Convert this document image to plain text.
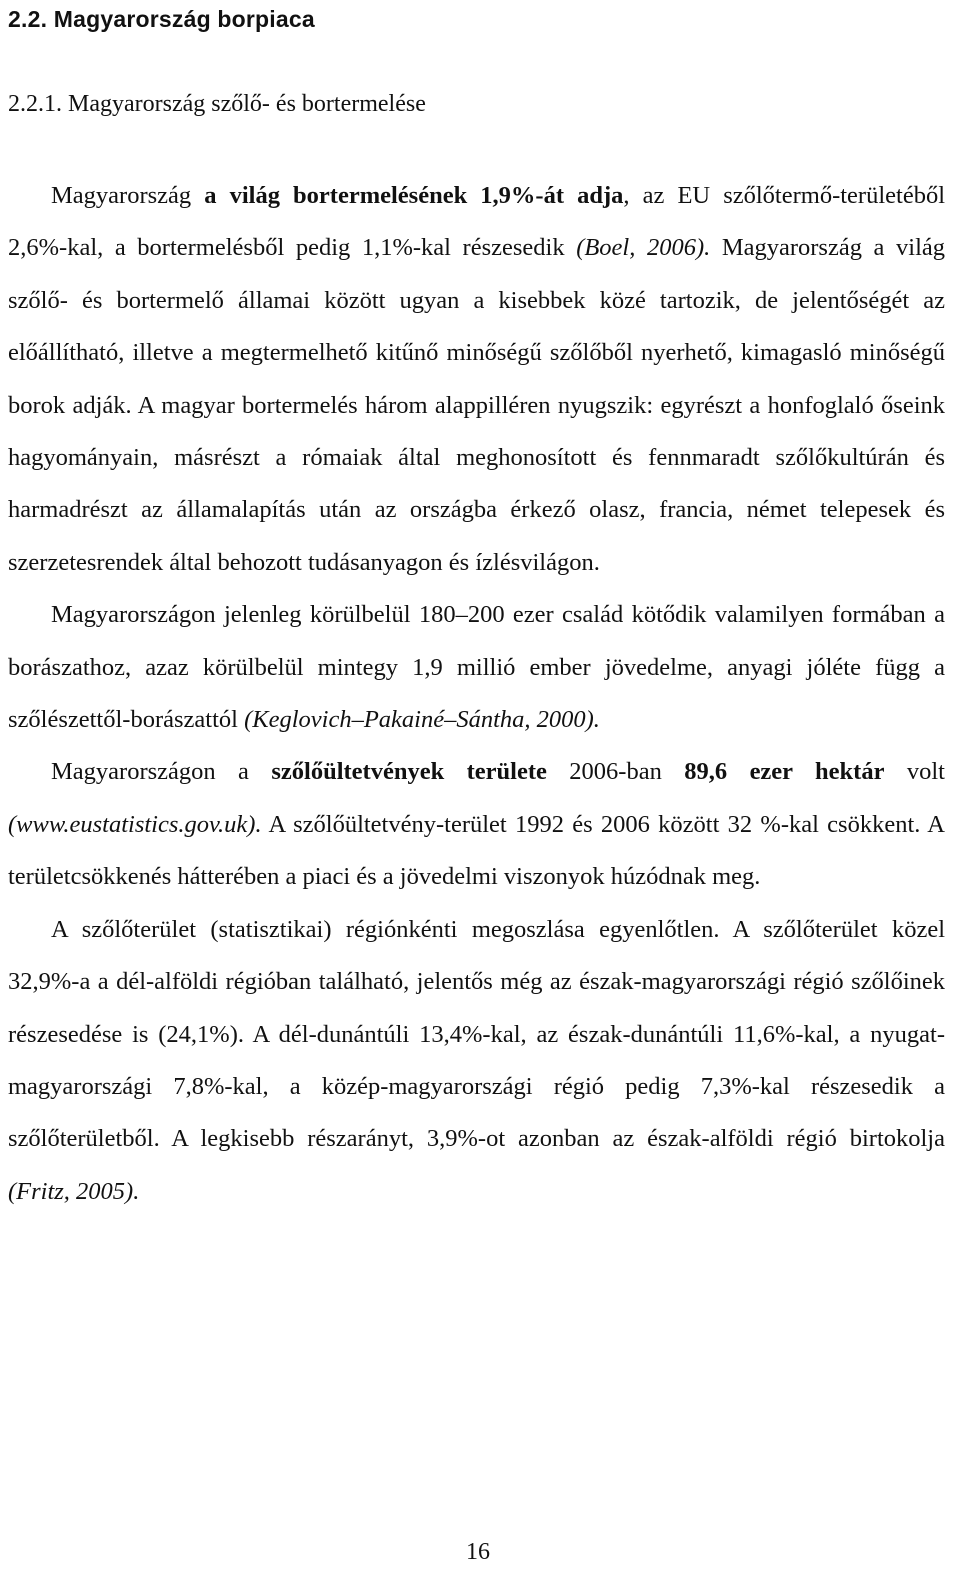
2.2. Magyarország borpiaca
2.2.1. Magyarország szőlő- és bortermelése

Magyarország a világ bortermelésének 1,9%-át adja, az EU szőlőtermő-területéből 2,6%-kal, a bortermelésből pedig 1,1%-kal részesedik (Boel, 2006). Magyarország a világ szőlő- és bortermelő államai között ugyan a kisebbek közé tartozik, de jelentőségét az előállítható, illetve a megtermelhető kitűnő minőségű szőlőből nyerhető, kimagasló minőségű borok adják. A magyar bortermelés három alappilléren nyugszik: egyrészt a honfoglaló őseink hagyományain, másrészt a rómaiak által meghonosított és fennmaradt szőlőkultúrán és harmadrészt az államalapítás után az országba érkező olasz, francia, német telepesek és szerzetesrendek által behozott tudásanyagon és ízlésvilágon.

Magyarországon jelenleg körülbelül 180–200 ezer család kötődik valamilyen formában a borászathoz, azaz körülbelül mintegy 1,9 millió ember jövedelme, anyagi jóléte függ a szőlészettől-borászattól (Keglovich–Pakainé–Sántha, 2000).

Magyarországon a szőlőültetvények területe 2006-ban 89,6 ezer hektár volt (www.eustatistics.gov.uk). A szőlőültetvény-terület 1992 és 2006 között 32 %-kal csökkent. A területcsökkenés hátterében a piaci és a jövedelmi viszonyok húzódnak meg.

A szőlőterület (statisztikai) régiónkénti megoszlása egyenlőtlen. A szőlőterület közel 32,9%-a a dél-alföldi régióban található, jelentős még az észak-magyarországi régió szőlőinek részesedése is (24,1%). A dél-dunántúli 13,4%-kal, az észak-dunántúli 11,6%-kal, a nyugat-magyarországi 7,8%-kal, a közép-magyarországi régió pedig 7,3%-kal részesedik a szőlőterületből. A legkisebb részarányt, 3,9%-ot azonban az észak-alföldi régió birtokolja (Fritz, 2005).

16
